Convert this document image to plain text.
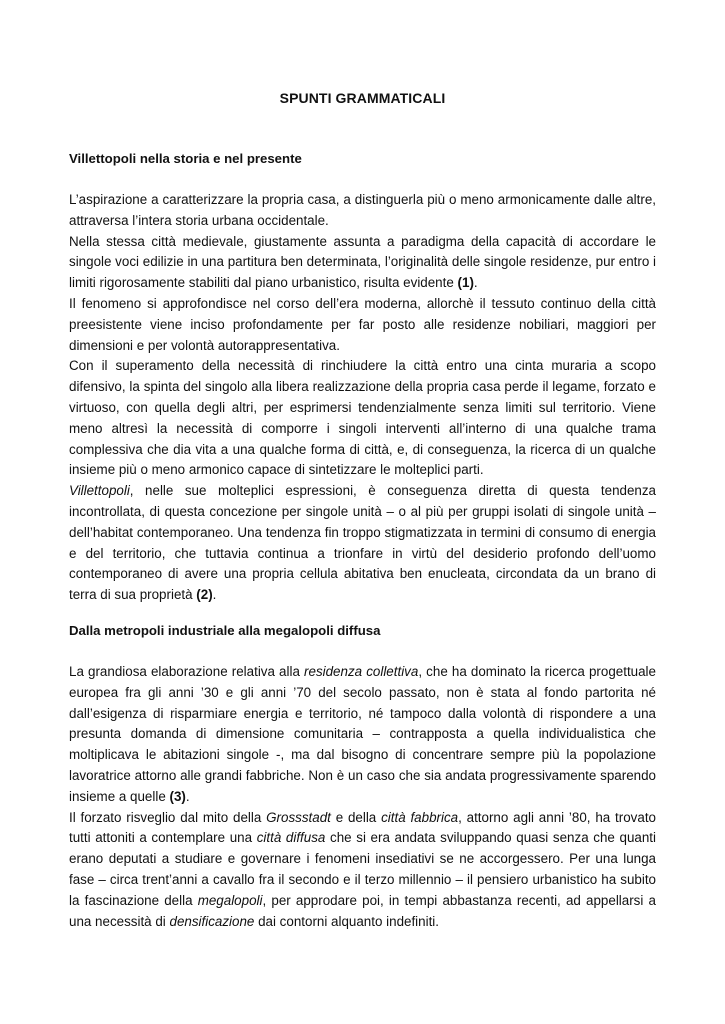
SPUNTI GRAMMATICALI
Villettopoli nella storia e nel presente

L’aspirazione a caratterizzare la propria casa, a distinguerla più o meno armonicamente dalle altre, attraversa l’intera storia urbana occidentale.

Nella stessa città medievale, giustamente assunta a paradigma della capacità di accordare le singole voci edilizie in una partitura ben determinata, l’originalità delle singole residenze, pur entro i limiti rigorosamente stabiliti dal piano urbanistico, risulta evidente (1).

Il fenomeno si approfondisce nel corso dell’era moderna, allorchè il tessuto continuo della città preesistente viene inciso profondamente per far posto alle residenze nobiliari, maggiori per dimensioni e per volontà autorappresentativa.

Con il superamento della necessità di rinchiudere la città entro una cinta muraria a scopo difensivo, la spinta del singolo alla libera realizzazione della propria casa perde il legame, forzato e virtuoso, con quella degli altri, per esprimersi tendenzialmente senza limiti sul territorio. Viene meno altresì la necessità di comporre i singoli interventi all’interno di una qualche trama complessiva che dia vita a una qualche forma di città, e, di conseguenza, la ricerca di un qualche insieme più o meno armonico capace di sintetizzare le molteplici parti.

Villettopoli, nelle sue molteplici espressioni, è conseguenza diretta di questa tendenza incontrollata, di questa concezione per singole unità – o al più per gruppi isolati di singole unità – dell’habitat contemporaneo. Una tendenza fin troppo stigmatizzata in termini di consumo di energia e del territorio, che tuttavia continua a trionfare in virtù del desiderio profondo dell’uomo contemporaneo di avere una propria cellula abitativa ben enucleata, circondata da un brano di terra di sua proprietà (2).

Dalla metropoli industriale alla megalopoli diffusa

La grandiosa elaborazione relativa alla residenza collettiva, che ha dominato la ricerca progettuale europea fra gli anni ’30 e gli anni ’70 del secolo passato, non è stata al fondo partorita né dall’esigenza di risparmiare energia e territorio, né tampoco dalla volontà di rispondere a una presunta domanda di dimensione comunitaria – contrapposta a quella individualistica che moltiplicava le abitazioni singole -, ma dal bisogno di concentrare sempre più la popolazione lavoratrice attorno alle grandi fabbriche. Non è un caso che sia andata progressivamente sparendo insieme a quelle (3).

Il forzato risveglio dal mito della Grossstadt e della città fabbrica, attorno agli anni ’80, ha trovato tutti attoniti a contemplare una città diffusa che si era andata sviluppando quasi senza che quanti erano deputati a studiare e governare i fenomeni insediativi se ne accorgessero. Per una lunga fase – circa trent’anni a cavallo fra il secondo e il terzo millennio – il pensiero urbanistico ha subito la fascinazione della megalopoli, per approdare poi, in tempi abbastanza recenti, ad appellarsi a una necessità di densificazione dai contorni alquanto indefiniti.
